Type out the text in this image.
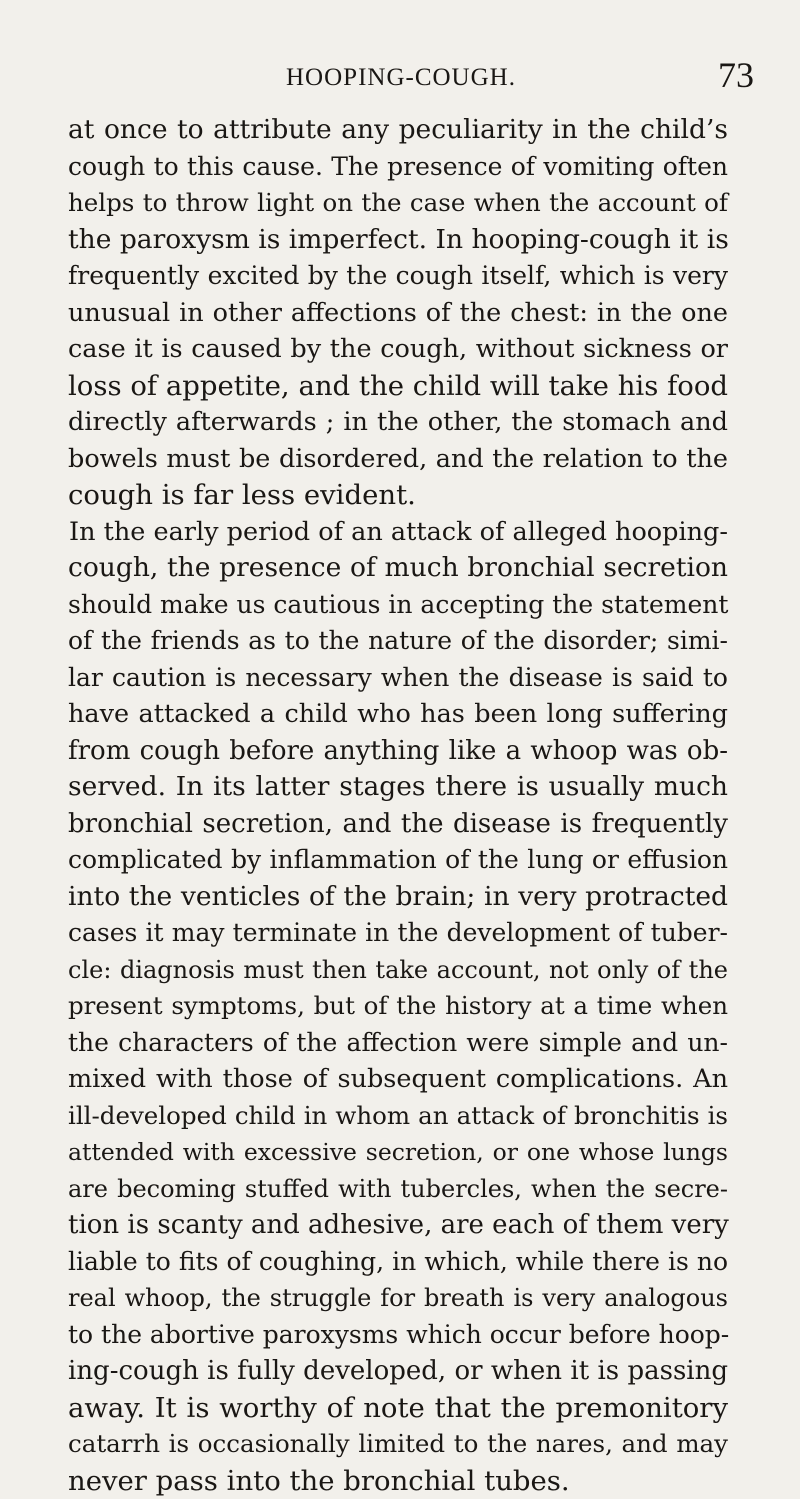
HOOPING-COUGH.	73
at once to attribute any peculiarity in the child’s
cough to this cause. The presence of vomiting often
helps to throw light on the case when the account of
the paroxysm is imperfect. In hooping-cough it is
frequently excited by the cough itself, which is very
unusual in other affections of the chest: in the one
case it is caused by the cough, without sickness or
loss of appetite, and the child will take his food
directly afterwards ; in the other, the stomach and
bowels must be disordered, and the relation to the
cough is far less evident.
In the early period of an attack of alleged hooping-
cough, the presence of much bronchial secretion
should make us cautious in accepting the statement
of the friends as to the nature of the disorder; simi-
lar caution is necessary when the disease is said to
have attacked a child who has been long suffering
from cough before anything like a whoop was ob-
served. In its latter stages there is usually much
bronchial secretion, and the disease is frequently
complicated by inflammation of the lung or effusion
into the venticles of the brain; in very protracted
cases it may terminate in the development of tuber-
cle: diagnosis must then take account, not only of the
present symptoms, but of the history at a time when
the characters of the affection were simple and un-
mixed with those of subsequent complications. An
ill-developed child in whom an attack of bronchitis is
attended with excessive secretion, or one whose lungs
are becoming stuffed with tubercles, when the secre-
tion is scanty and adhesive, are each of them very
liable to fits of coughing, in which, while there is no
real whoop, the struggle for breath is very analogous
to the abortive paroxysms which occur before hoop-
ing-cough is fully developed, or when it is passing
away. It is worthy of note that the premonitory
catarrh is occasionally limited to the nares, and may
never pass into the bronchial tubes.
